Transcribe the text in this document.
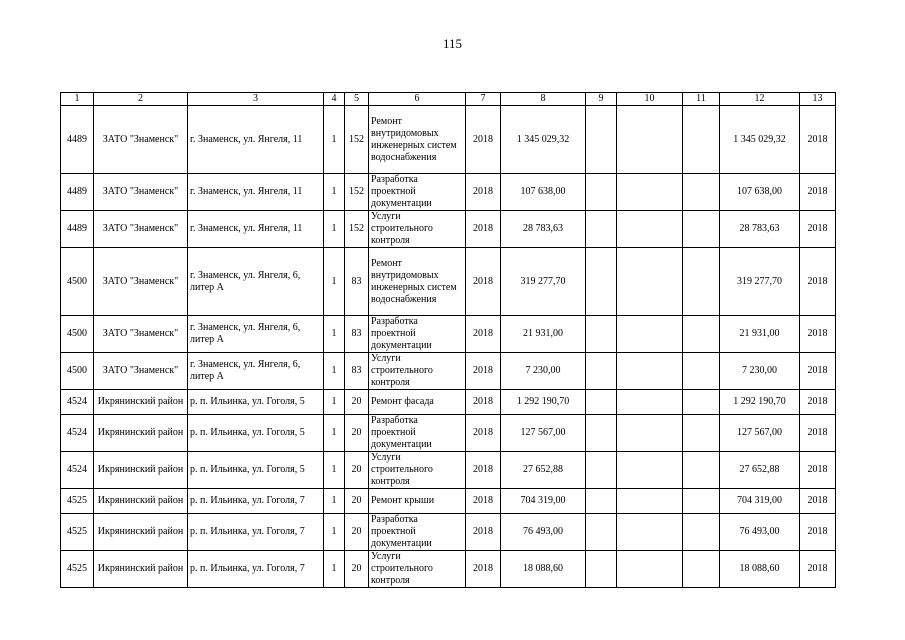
115
1	2	3	4	5	6	7	8	9	10	11	12	13
4489	ЗАТО "Знаменск"	г. Знаменск, ул. Янгеля, 11	1	152	Ремонт внутридомовых инженерных систем водоснабжения	2018	1 345 029,32				1 345 029,32	2018
4489	ЗАТО "Знаменск"	г. Знаменск, ул. Янгеля, 11	1	152	Разработка проектной документации	2018	107 638,00				107 638,00	2018
4489	ЗАТО "Знаменск"	г. Знаменск, ул. Янгеля, 11	1	152	Услуги строительного контроля	2018	28 783,63				28 783,63	2018
4500	ЗАТО "Знаменск"	г. Знаменск, ул. Янгеля, 6, литер А	1	83	Ремонт внутридомовых инженерных систем водоснабжения	2018	319 277,70				319 277,70	2018
4500	ЗАТО "Знаменск"	г. Знаменск, ул. Янгеля, 6, литер А	1	83	Разработка проектной документации	2018	21 931,00				21 931,00	2018
4500	ЗАТО "Знаменск"	г. Знаменск, ул. Янгеля, 6, литер А	1	83	Услуги строительного контроля	2018	7 230,00				7 230,00	2018
4524	Икрянинский район	р. п. Ильинка, ул. Гоголя, 5	1	20	Ремонт фасада	2018	1 292 190,70				1 292 190,70	2018
4524	Икрянинский район	р. п. Ильинка, ул. Гоголя, 5	1	20	Разработка проектной документации	2018	127 567,00				127 567,00	2018
4524	Икрянинский район	р. п. Ильинка, ул. Гоголя, 5	1	20	Услуги строительного контроля	2018	27 652,88				27 652,88	2018
4525	Икрянинский район	р. п. Ильинка, ул. Гоголя, 7	1	20	Ремонт крыши	2018	704 319,00				704 319,00	2018
4525	Икрянинский район	р. п. Ильинка, ул. Гоголя, 7	1	20	Разработка проектной документации	2018	76 493,00				76 493,00	2018
4525	Икрянинский район	р. п. Ильинка, ул. Гоголя, 7	1	20	Услуги строительного контроля	2018	18 088,60				18 088,60	2018
